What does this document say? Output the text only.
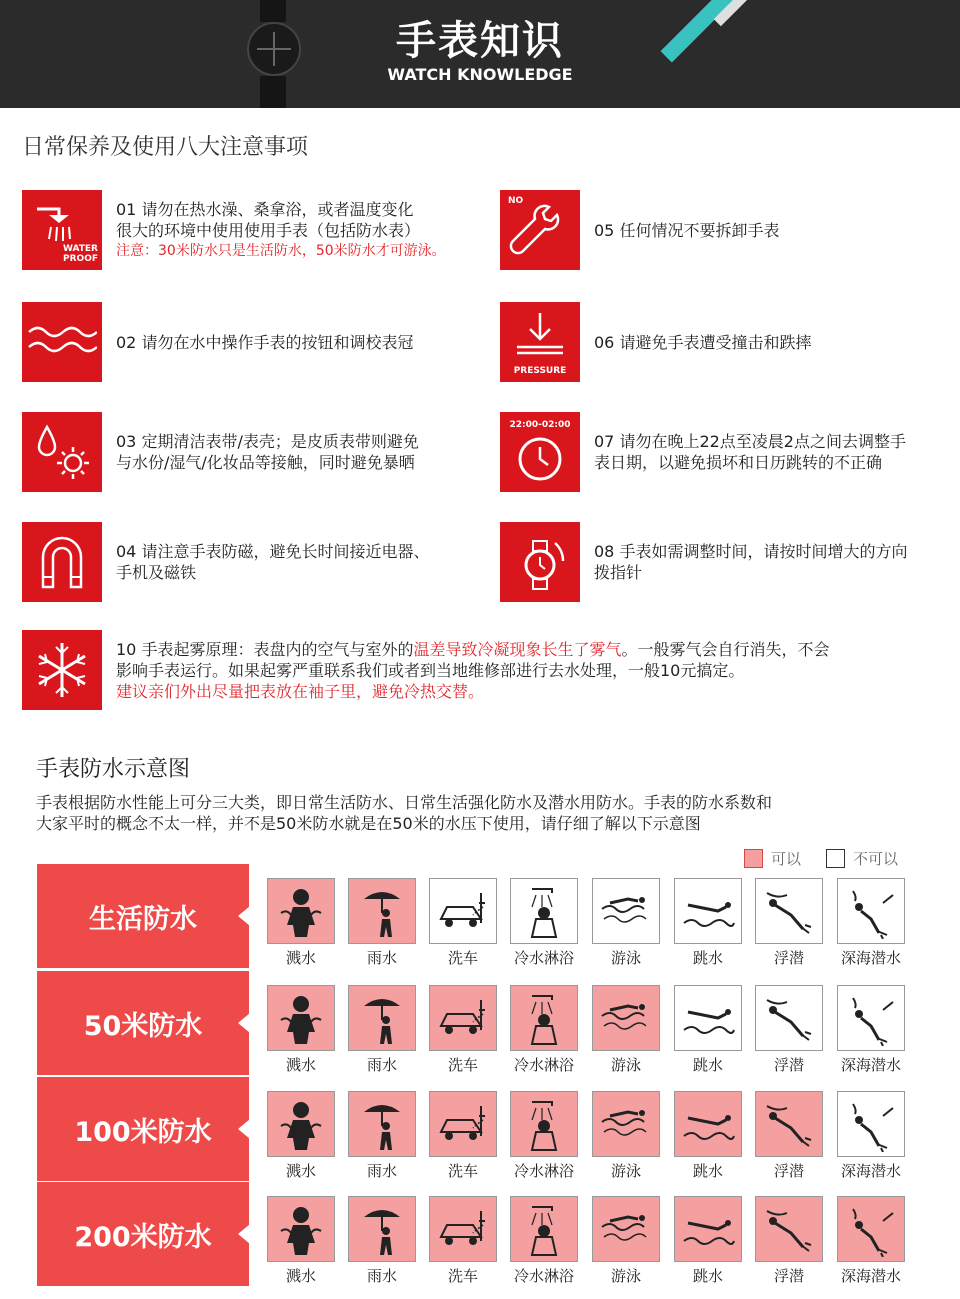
手表知识
WATCH KNOWLEDGE
日常保养及使用八大注意事项
WATER PROOF
01 请勿在热水澡、桑拿浴，或者温度变化
很大的环境中使用使用手表（包括防水表）
注意：30米防水只是生活防水，50米防水才可游泳。
02 请勿在水中操作手表的按钮和调校表冠
03 定期清洁表带/表壳；是皮质表带则避免
与水份/湿气/化妆品等接触，同时避免暴晒
04 请注意手表防磁，避免长时间接近电器、
手机及磁铁
NO
05 任何情况不要拆卸手表
PRESSURE
06 请避免手表遭受撞击和跌摔
22:00-02:00
07 请勿在晚上22点至凌晨2点之间去调整手
表日期，以避免损坏和日历跳转的不正确
08 手表如需调整时间，请按时间增大的方向
拨指针
10 手表起雾原理：表盘内的空气与室外的温差导致冷凝现象长生了雾气。一般雾气会自行消失，不会
影响手表运行。如果起雾严重联系我们或者到当地维修部进行去水处理，一般10元搞定。
建议亲们外出尽量把表放在袖子里，避免冷热交替。
手表防水示意图
手表根据防水性能上可分三大类，即日常生活防水、日常生活强化防水及潜水用防水。手表的防水系数和
大家平时的概念不太一样，并不是50米防水就是在50米的水压下使用，请仔细了解以下示意图
可以	不可以
生活防水
溅水	雨水	洗车	冷水淋浴	游泳	跳水	浮潜	深海潜水
50米防水
溅水	雨水	洗车	冷水淋浴	游泳	跳水	浮潜	深海潜水
100米防水
溅水	雨水	洗车	冷水淋浴	游泳	跳水	浮潜	深海潜水
200米防水
溅水	雨水	洗车	冷水淋浴	游泳	跳水	浮潜	深海潜水
